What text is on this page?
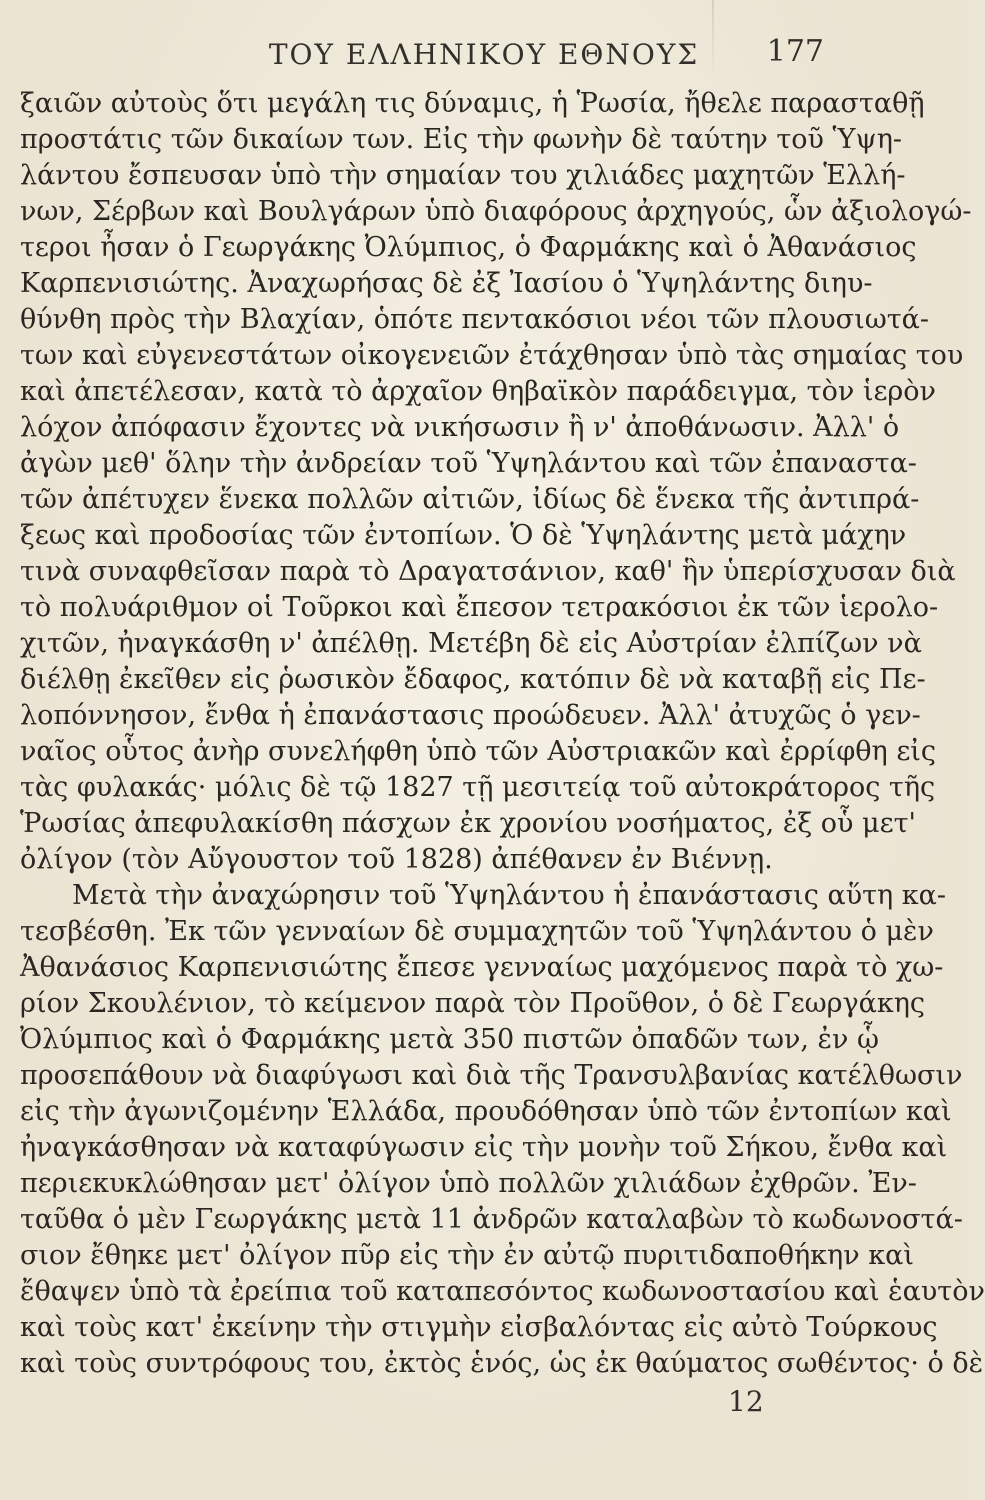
ΤΟΥ ΕΛΛΗΝΙΚΟΥ ΕΘΝΟΥΣ	177
ξαιῶν αὐτοὺς ὅτι μεγάλη τις δύναμις, ἡ Ῥωσία, ἤθελε παρασταθῇ
προστάτις τῶν δικαίων των. Εἰς τὴν φωνὴν δὲ ταύτην τοῦ Ὑψη-
λάντου ἔσπευσαν ὑπὸ τὴν σημαίαν του χιλιάδες μαχητῶν Ἑλλή-
νων, Σέρβων καὶ Βουλγάρων ὑπὸ διαφόρους ἀρχηγούς, ὧν ἀξιολογώ-
τεροι ἦσαν ὁ Γεωργάκης Ὀλύμπιος, ὁ Φαρμάκης καὶ ὁ Ἀθανάσιος
Καρπενισιώτης. Ἀναχωρήσας δὲ ἐξ Ἰασίου ὁ Ὑψηλάντης διηυ-
θύνθη πρὸς τὴν Βλαχίαν, ὁπότε πεντακόσιοι νέοι τῶν πλουσιωτά-
των καὶ εὐγενεστάτων οἰκογενειῶν ἐτάχθησαν ὑπὸ τὰς σημαίας του
καὶ ἀπετέλεσαν, κατὰ τὸ ἀρχαῖον θηβαϊκὸν παράδειγμα, τὸν ἱερὸν
λόχον ἀπόφασιν ἔχοντες νὰ νικήσωσιν ἢ ν' ἀποθάνωσιν. Ἀλλ' ὁ
ἀγὼν μεθ' ὅλην τὴν ἀνδρείαν τοῦ Ὑψηλάντου καὶ τῶν ἐπαναστα-
τῶν ἀπέτυχεν ἕνεκα πολλῶν αἰτιῶν, ἰδίως δὲ ἕνεκα τῆς ἀντιπρά-
ξεως καὶ προδοσίας τῶν ἐντοπίων. Ὁ δὲ Ὑψηλάντης μετὰ μάχην
τινὰ συναφθεῖσαν παρὰ τὸ Δραγατσάνιον, καθ' ἣν ὑπερίσχυσαν διὰ
τὸ πολυάριθμον οἱ Τοῦρκοι καὶ ἔπεσον τετρακόσιοι ἐκ τῶν ἱερολο-
χιτῶν, ἠναγκάσθη ν' ἀπέλθῃ. Μετέβη δὲ εἰς Αὐστρίαν ἐλπίζων νὰ
διέλθῃ ἐκεῖθεν εἰς ῥωσικὸν ἔδαφος, κατόπιν δὲ νὰ καταβῇ εἰς Πε-
λοπόννησον, ἔνθα ἡ ἐπανάστασις προώδευεν. Ἀλλ' ἀτυχῶς ὁ γεν-
ναῖος οὗτος ἀνὴρ συνελήφθη ὑπὸ τῶν Αὐστριακῶν καὶ ἐρρίφθη εἰς
τὰς φυλακάς· μόλις δὲ τῷ 1827 τῇ μεσιτείᾳ τοῦ αὐτοκράτορος τῆς
Ῥωσίας ἀπεφυλακίσθη πάσχων ἐκ χρονίου νοσήματος, ἐξ οὗ μετ'
ὀλίγον (τὸν Αὔγουστον τοῦ 1828) ἀπέθανεν ἐν Βιέννῃ.
Μετὰ τὴν ἀναχώρησιν τοῦ Ὑψηλάντου ἡ ἐπανάστασις αὕτη κα-
τεσβέσθη. Ἐκ τῶν γενναίων δὲ συμμαχητῶν τοῦ Ὑψηλάντου ὁ μὲν
Ἀθανάσιος Καρπενισιώτης ἔπεσε γενναίως μαχόμενος παρὰ τὸ χω-
ρίον Σκουλένιον, τὸ κείμενον παρὰ τὸν Προῦθον, ὁ δὲ Γεωργάκης
Ὀλύμπιος καὶ ὁ Φαρμάκης μετὰ 350 πιστῶν ὀπαδῶν των, ἐν ᾧ
προσεπάθουν νὰ διαφύγωσι καὶ διὰ τῆς Τρανσυλβανίας κατέλθωσιν
εἰς τὴν ἀγωνιζομένην Ἑλλάδα, προυδόθησαν ὑπὸ τῶν ἐντοπίων καὶ
ἠναγκάσθησαν νὰ καταφύγωσιν εἰς τὴν μονὴν τοῦ Σήκου, ἔνθα καὶ
περιεκυκλώθησαν μετ' ὀλίγον ὑπὸ πολλῶν χιλιάδων ἐχθρῶν. Ἐν-
ταῦθα ὁ μὲν Γεωργάκης μετὰ 11 ἀνδρῶν καταλαβὼν τὸ κωδωνοστά-
σιον ἔθηκε μετ' ὀλίγον πῦρ εἰς τὴν ἐν αὐτῷ πυριτιδαποθήκην καὶ
ἔθαψεν ὑπὸ τὰ ἐρείπια τοῦ καταπεσόντος κωδωνοστασίου καὶ ἑαυτὸν
καὶ τοὺς κατ' ἐκείνην τὴν στιγμὴν εἰσβαλόντας εἰς αὐτὸ Τούρκους
καὶ τοὺς συντρόφους του, ἐκτὸς ἑνός, ὡς ἐκ θαύματος σωθέντος· ὁ δὲ
12
